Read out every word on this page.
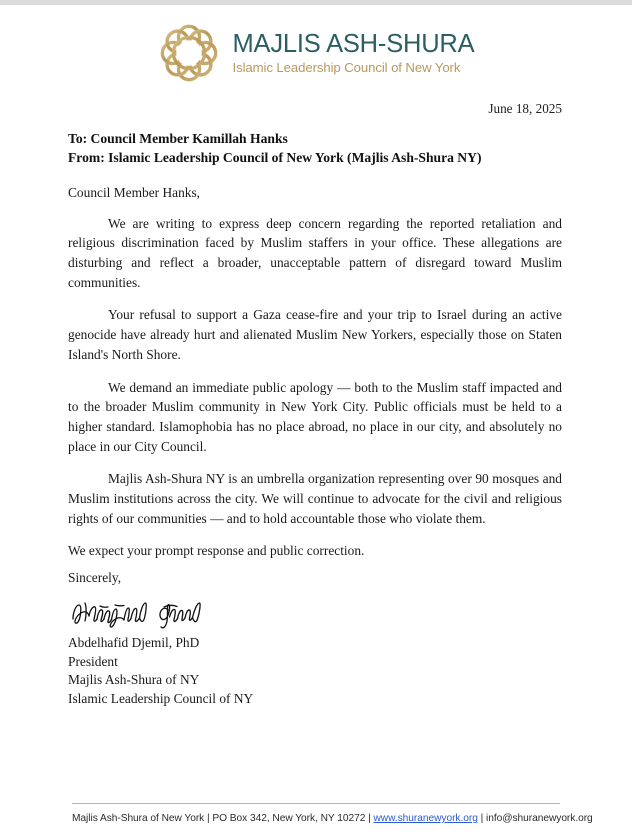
MAJLIS ASH-SHURA
Islamic Leadership Council of New York
June 18, 2025
To: Council Member Kamillah Hanks
From: Islamic Leadership Council of New York (Majlis Ash-Shura NY)
Council Member Hanks,

We are writing to express deep concern regarding the reported retaliation and religious discrimination faced by Muslim staffers in your office. These allegations are disturbing and reflect a broader, unacceptable pattern of disregard toward Muslim communities.

Your refusal to support a Gaza cease-fire and your trip to Israel during an active genocide have already hurt and alienated Muslim New Yorkers, especially those on Staten Island's North Shore.

We demand an immediate public apology — both to the Muslim staff impacted and to the broader Muslim community in New York City. Public officials must be held to a higher standard. Islamophobia has no place abroad, no place in our city, and absolutely no place in our City Council.

Majlis Ash-Shura NY is an umbrella organization representing over 90 mosques and Muslim institutions across the city. We will continue to advocate for the civil and religious rights of our communities — and to hold accountable those who violate them.

We expect your prompt response and public correction.

Sincerely,
Abdelhafid Djemil, PhD
President
Majlis Ash-Shura of NY
Islamic Leadership Council of NY
Majlis Ash-Shura of New York | PO Box 342, New York, NY 10272 | www.shuranewyork.org | info@shuranewyork.org
